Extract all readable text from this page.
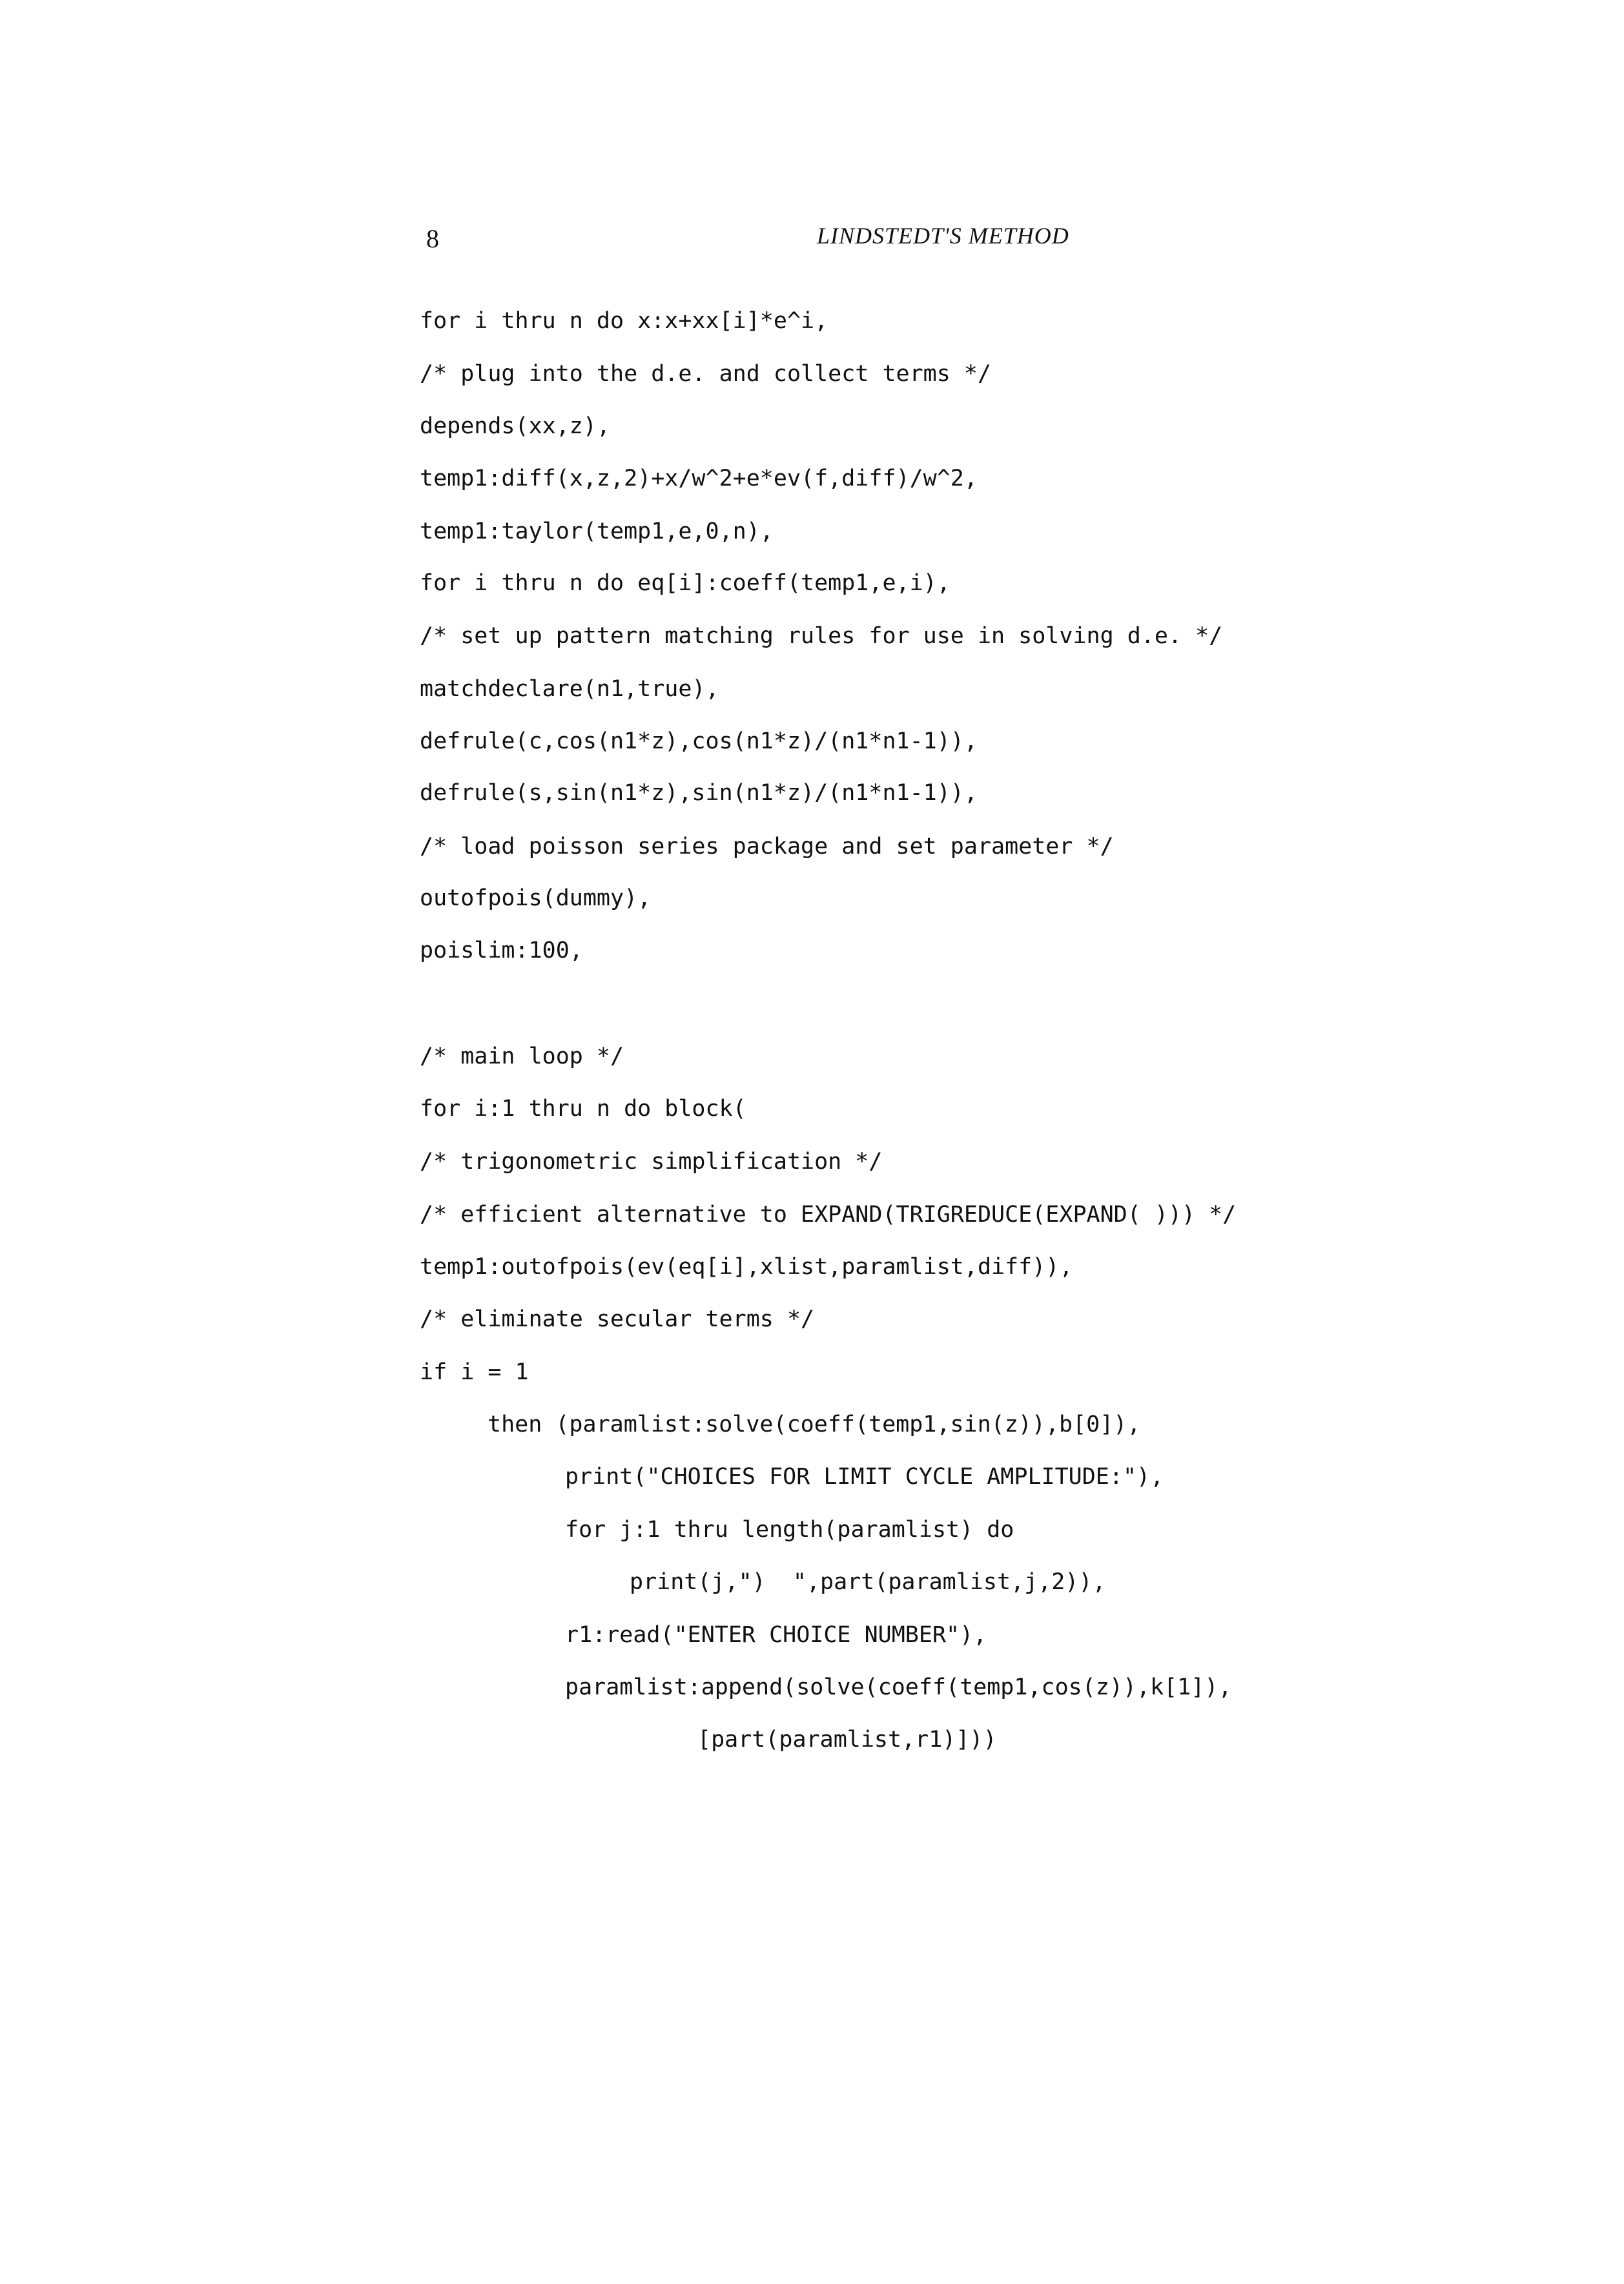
8	LINDSTEDT'S METHOD
for i thru n do x:x+xx[i]*e^i,
/* plug into the d.e. and collect terms */
depends(xx,z),
temp1:diff(x,z,2)+x/w^2+e*ev(f,diff)/w^2,
temp1:taylor(temp1,e,0,n),
for i thru n do eq[i]:coeff(temp1,e,i),
/* set up pattern matching rules for use in solving d.e. */
matchdeclare(n1,true),
defrule(c,cos(n1*z),cos(n1*z)/(n1*n1-1)),
defrule(s,sin(n1*z),sin(n1*z)/(n1*n1-1)),
/* load poisson series package and set parameter */
outofpois(dummy),
poislim:100,
/* main loop */
for i:1 thru n do block(
/* trigonometric simplification */
/* efficient alternative to EXPAND(TRIGREDUCE(EXPAND( ))) */
temp1:outofpois(ev(eq[i],xlist,paramlist,diff)),
/* eliminate secular terms */
if i = 1
then (paramlist:solve(coeff(temp1,sin(z)),b[0]),
print("CHOICES FOR LIMIT CYCLE AMPLITUDE:"),
for j:1 thru length(paramlist) do
print(j,")  ",part(paramlist,j,2)),
r1:read("ENTER CHOICE NUMBER"),
paramlist:append(solve(coeff(temp1,cos(z)),k[1]),
[part(paramlist,r1)]))
